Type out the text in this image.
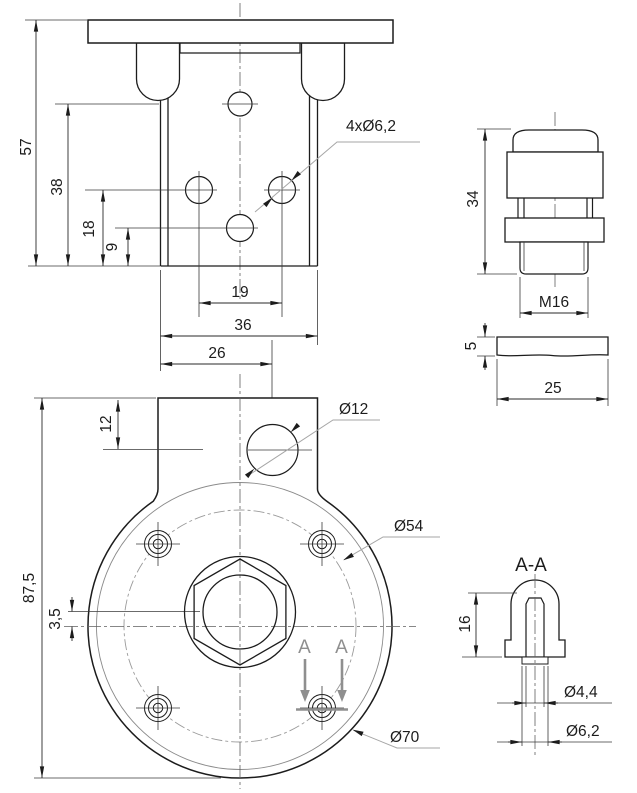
57
38
18
9
19
36
26
4xØ6,2
87,5
3,5
12
Ø12
Ø54
Ø70
A A
34
M16
5
25
A-A
16
Ø4,4
Ø6,2
